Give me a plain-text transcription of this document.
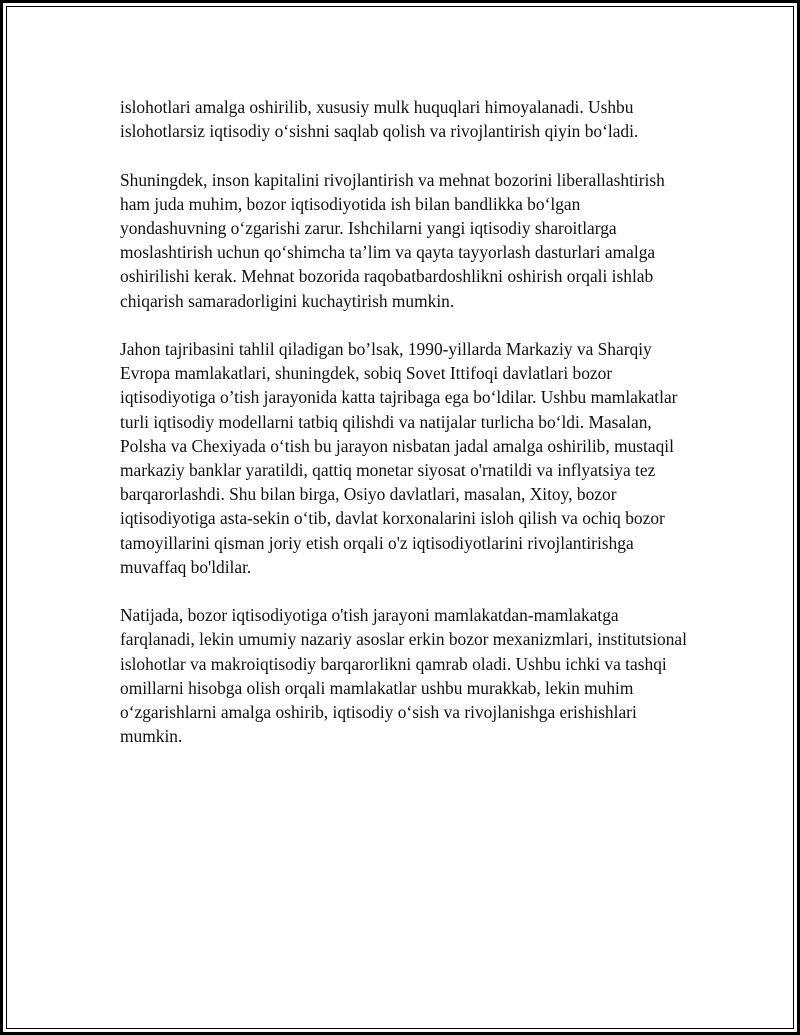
islohotlari amalga oshirilib, xususiy mulk huquqlari himoyalanadi. Ushbu islohotlarsiz iqtisodiy o‘sishni saqlab qolish va rivojlantirish qiyin bo‘ladi.

Shuningdek, inson kapitalini rivojlantirish va mehnat bozorini liberallashtirish ham juda muhim, bozor iqtisodiyotida ish bilan bandlikka bo‘lgan yondashuvning o‘zgarishi zarur. Ishchilarni yangi iqtisodiy sharoitlarga moslashtirish uchun qo‘shimcha ta’lim va qayta tayyorlash dasturlari amalga oshirilishi kerak. Mehnat bozorida raqobatbardoshlikni oshirish orqali ishlab chiqarish samaradorligini kuchaytirish mumkin.

Jahon tajribasini tahlil qiladigan bo’lsak, 1990-yillarda Markaziy va Sharqiy Evropa mamlakatlari, shuningdek, sobiq Sovet Ittifoqi davlatlari bozor iqtisodiyotiga o’tish jarayonida katta tajribaga ega bo‘ldilar. Ushbu mamlakatlar turli iqtisodiy modellarni tatbiq qilishdi va natijalar turlicha bo‘ldi. Masalan, Polsha va Chexiyada o‘tish bu jarayon nisbatan jadal amalga oshirilib, mustaqil markaziy banklar yaratildi, qattiq monetar siyosat o'rnatildi va inflyatsiya tez barqarorlashdi. Shu bilan birga, Osiyo davlatlari, masalan, Xitoy, bozor iqtisodiyotiga asta-sekin o‘tib, davlat korxonalarini isloh qilish va ochiq bozor tamoyillarini qisman joriy etish orqali o'z iqtisodiyotlarini rivojlantirishga muvaffaq bo'ldilar.

Natijada, bozor iqtisodiyotiga o'tish jarayoni mamlakatdan-mamlakatga farqlanadi, lekin umumiy nazariy asoslar erkin bozor mexanizmlari, institutsional islohotlar va makroiqtisodiy barqarorlikni qamrab oladi. Ushbu ichki va tashqi omillarni hisobga olish orqali mamlakatlar ushbu murakkab, lekin muhim o‘zgarishlarni amalga oshirib, iqtisodiy o‘sish va rivojlanishga erishishlari mumkin.
